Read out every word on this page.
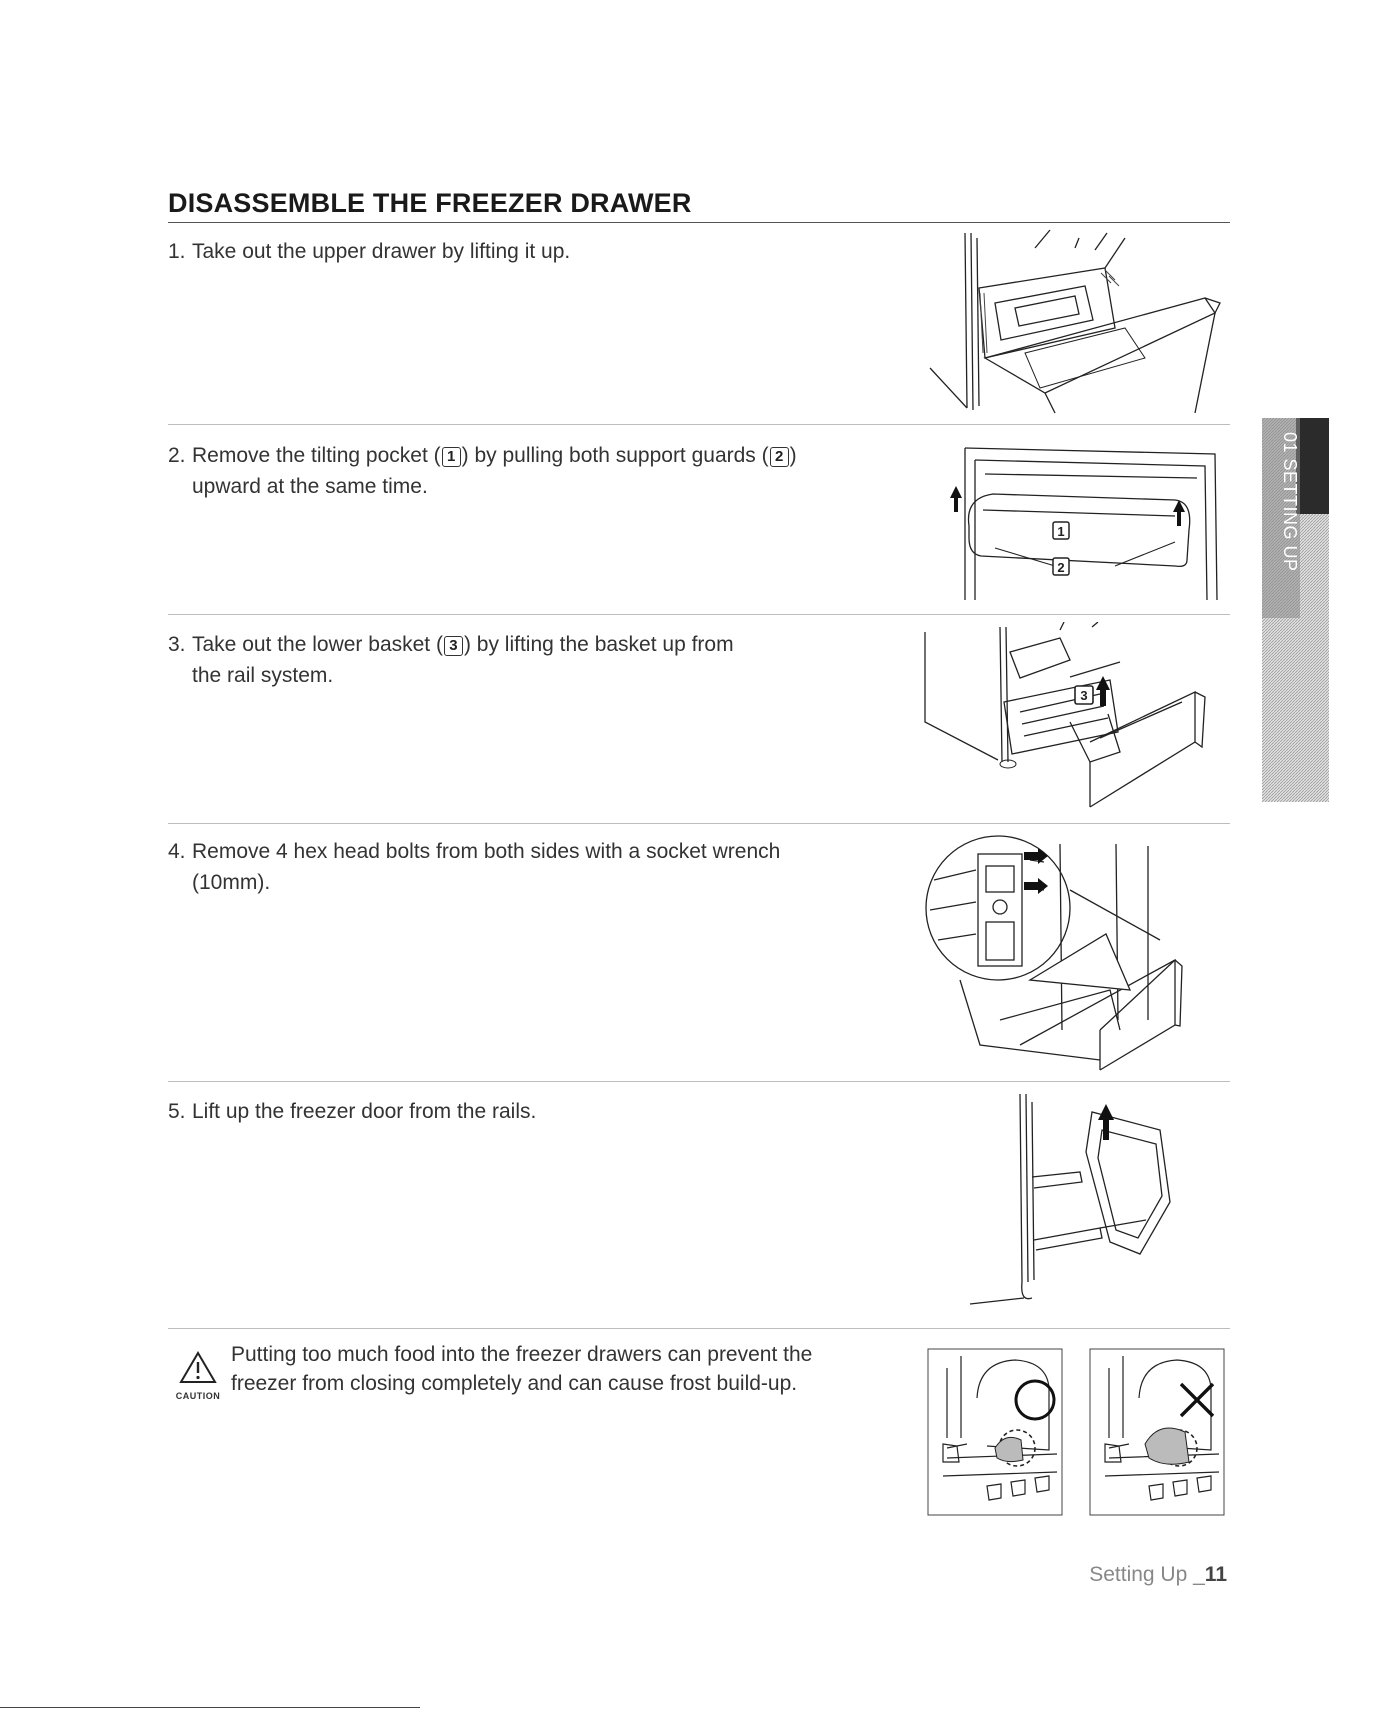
DISASSEMBLE THE FREEZER DRAWER
1. Take out the upper drawer by lifting it up.
2. Remove the tilting pocket ( 1 ) by pulling both support guards ( 2 )
upward at the same time.
1
2
3. Take out the lower basket ( 3 ) by lifting the basket up from
the rail system.
3
4. Remove 4 hex head bolts from both sides with a socket wrench
(10mm).
5. Lift up the freezer door from the rails.
CAUTION
Putting too much food into the freezer drawers can prevent the
freezer from closing completely and can cause frost build-up.
01 SETTING UP
Setting Up _11
